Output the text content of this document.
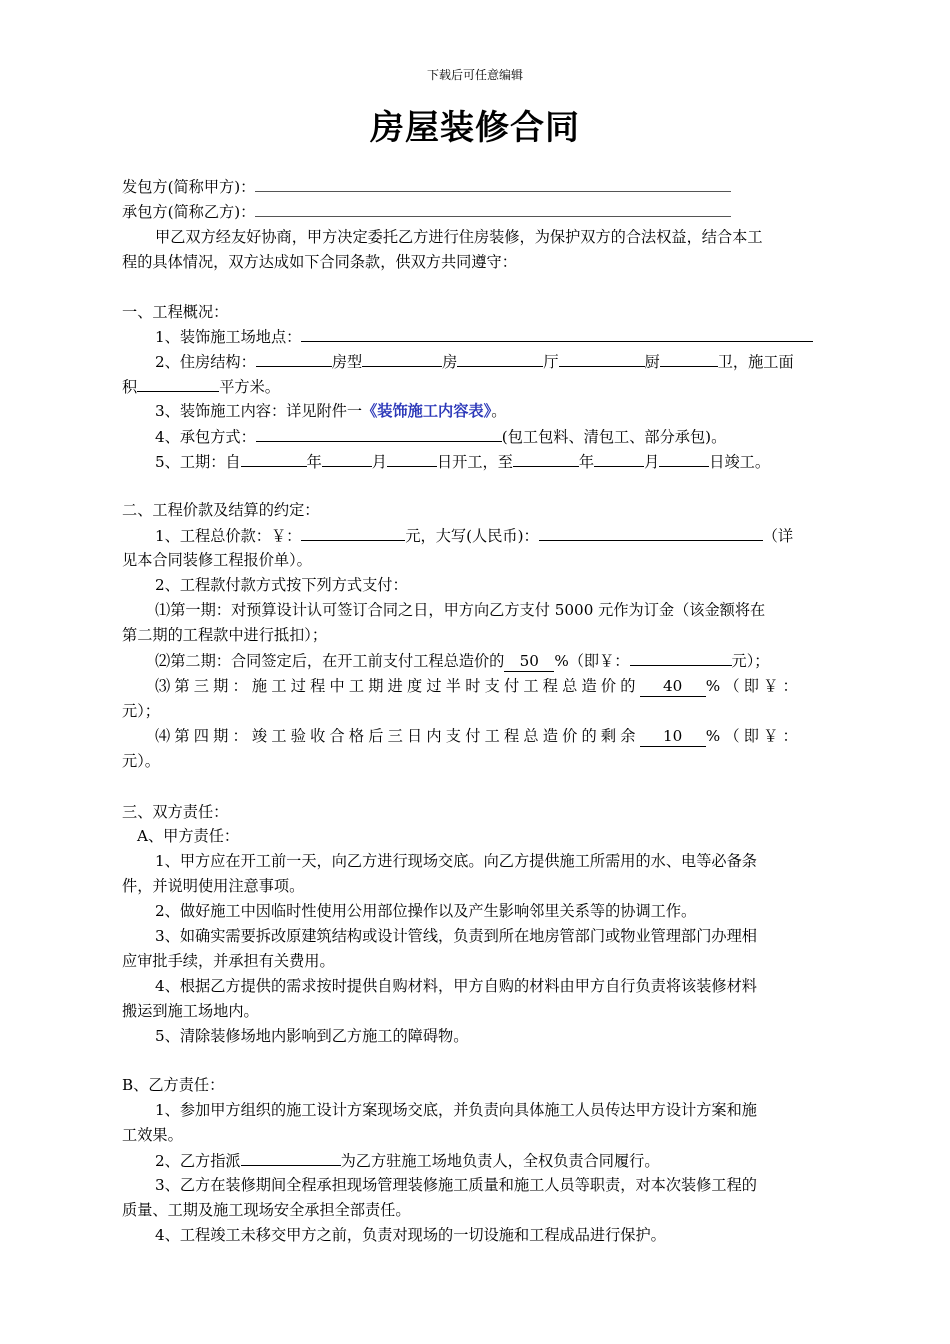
下载后可任意编辑
房屋装修合同
发包方(简称甲方)：
承包方(简称乙方)：
甲乙双方经友好协商，甲方决定委托乙方进行住房装修，为保护双方的合法权益，结合本工
程的具体情况，双方达成如下合同条款，供双方共同遵守：
一、工程概况：
1、装饰施工场地点：
2、住房结构：	房型	房	厅	厨	卫，施工面
积	平方米。
3、装饰施工内容：详见附件一《装饰施工内容表》。
4、承包方式：	(包工包料、清包工、部分承包)。
5、工期：自	年	月	日开工，至	年	月	日竣工。
二、工程价款及结算的约定：
1、工程总价款：￥：	元，大写(人民币)：	（详
见本合同装修工程报价单）。
2、工程款付款方式按下列方式支付：
⑴第一期：对预算设计认可签订合同之日，甲方向乙方支付 5000 元作为订金（该金额将在
第二期的工程款中进行抵扣）；
⑵第二期：合同签定后，在开工前支付工程总造价的 50 %（即￥：	元）；
⑶第三期：施工过程中工期进度过半时支付工程总造价的 40 %（即￥：
元）；
⑷第四期：竣工验收合格后三日内支付工程总造价的剩余 10 %（即￥：
元）。
三、双方责任：
A、甲方责任：
1、甲方应在开工前一天，向乙方进行现场交底。向乙方提供施工所需用的水、电等必备条
件，并说明使用注意事项。
2、做好施工中因临时性使用公用部位操作以及产生影响邻里关系等的协调工作。
3、如确实需要拆改原建筑结构或设计管线，负责到所在地房管部门或物业管理部门办理相
应审批手续，并承担有关费用。
4、根据乙方提供的需求按时提供自购材料，甲方自购的材料由甲方自行负责将该装修材料
搬运到施工场地内。
5、清除装修场地内影响到乙方施工的障碍物。
B、乙方责任：
1、参加甲方组织的施工设计方案现场交底，并负责向具体施工人员传达甲方设计方案和施
工效果。
2、乙方指派	为乙方驻施工场地负责人，全权负责合同履行。
3、乙方在装修期间全程承担现场管理装修施工质量和施工人员等职责，对本次装修工程的
质量、工期及施工现场安全承担全部责任。
4、工程竣工未移交甲方之前，负责对现场的一切设施和工程成品进行保护。
